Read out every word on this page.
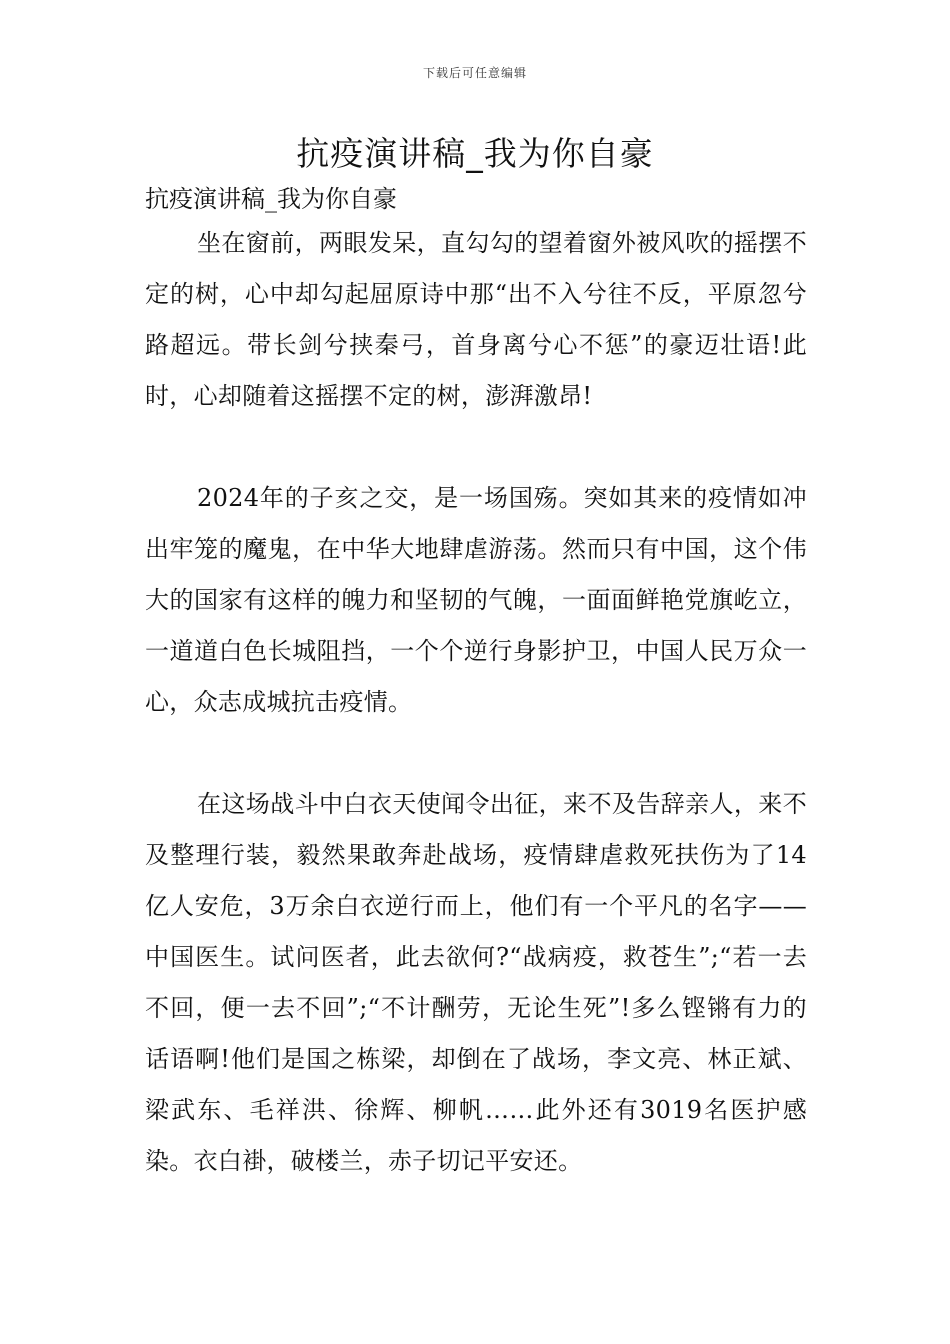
下载后可任意编辑
抗疫演讲稿_我为你自豪
抗疫演讲稿_我为你自豪

坐在窗前，两眼发呆，直勾勾的望着窗外被风吹的摇摆不定的树，心中却勾起屈原诗中那“出不入兮往不反，平原忽兮路超远。带长剑兮挟秦弓，首身离兮心不惩”的豪迈壮语!此时，心却随着这摇摆不定的树，澎湃激昂!

2024年的子亥之交，是一场国殇。突如其来的疫情如冲出牢笼的魔鬼，在中华大地肆虐游荡。然而只有中国，这个伟大的国家有这样的魄力和坚韧的气魄，一面面鲜艳党旗屹立，一道道白色长城阻挡，一个个逆行身影护卫，中国人民万众一心，众志成城抗击疫情。

在这场战斗中白衣天使闻令出征，来不及告辞亲人，来不及整理行装，毅然果敢奔赴战场，疫情肆虐救死扶伤为了14亿人安危，3万余白衣逆行而上，他们有一个平凡的名字——中国医生。试问医者，此去欲何?“战病疫，救苍生”;“若一去不回，便一去不回”;“不计酬劳，无论生死”!多么铿锵有力的话语啊!他们是国之栋梁，却倒在了战场，李文亮、林正斌、梁武东、毛祥洪、徐辉、柳帆……此外还有3019名医护感染。衣白褂，破楼兰，赤子切记平安还。
